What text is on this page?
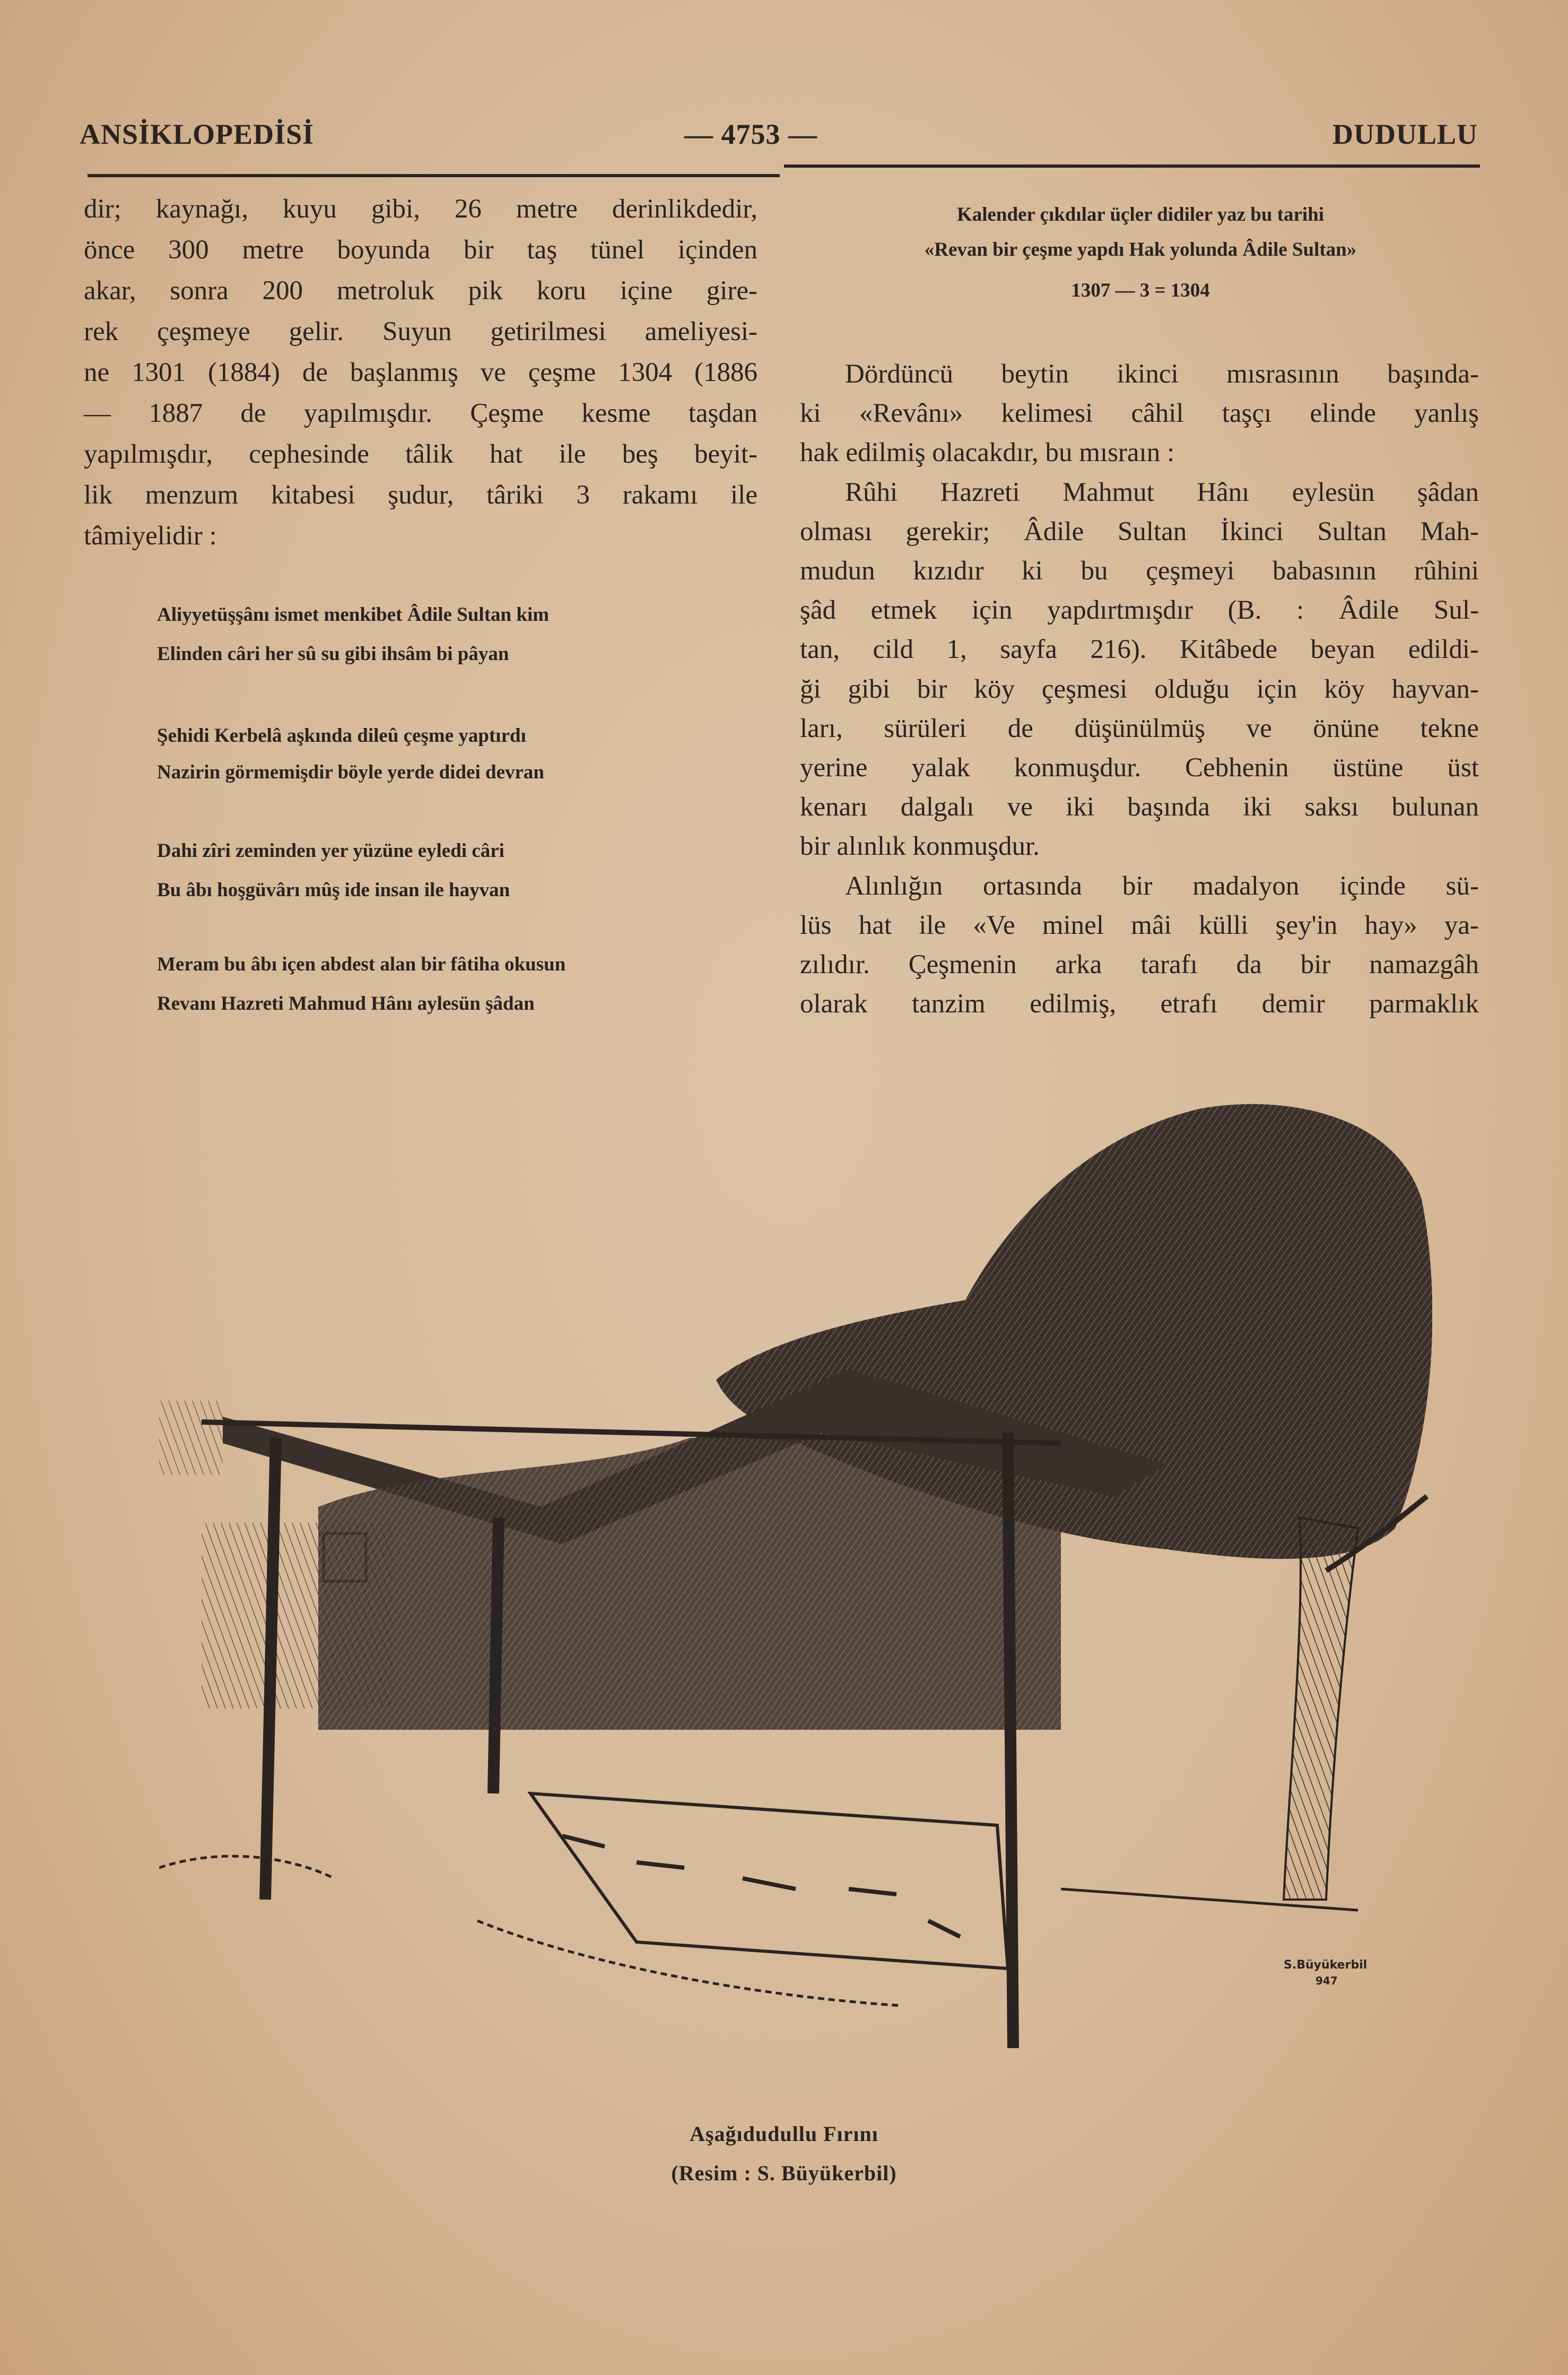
ANSİKLOPEDİSİ	— 4753 —	DUDULLU
dir; kaynağı, kuyu gibi, 26 metre derinlikdedir,
önce 300 metre boyunda bir taş tünel içinden
akar, sonra 200 metroluk pik koru içine gire-
rek çeşmeye gelir. Suyun getirilmesi ameliyesi-
ne 1301 (1884) de başlanmış ve çeşme 1304 (1886
— 1887 de yapılmışdır. Çeşme kesme taşdan
yapılmışdır, cephesinde tâlik hat ile beş beyit-
lik menzum kitabesi şudur, târiki 3 rakamı ile
tâmiyelidir :
Aliyyetüşşânı ismet menkibet Âdile Sultan kim
Elinden câri her sû su gibi ihsâm bi pâyan
Şehidi Kerbelâ aşkında dileû çeşme yaptırdı
Nazirin görmemişdir böyle yerde didei devran
Dahi zîri zeminden yer yüzüne eyledi câri
Bu âbı hoşgüvârı mûş ide insan ile hayvan
Meram bu âbı içen abdest alan bir fâtiha okusun
Revanı Hazreti Mahmud Hânı aylesün şâdan
Kalender çıkdılar üçler didiler yaz bu tarihi
«Revan bir çeşme yapdı Hak yolunda Âdile Sultan»
1307 — 3 = 1304
Dördüncü beytin ikinci mısrasının başında-
ki «Revânı» kelimesi câhil taşçı elinde yanlış
hak edilmiş olacakdır, bu mısraın :
Rûhi Hazreti Mahmut Hânı eylesün şâdan
olması gerekir; Âdile Sultan İkinci Sultan Mah-
mudun kızıdır ki bu çeşmeyi babasının rûhini
şâd etmek için yapdırtmışdır (B. : Âdile Sul-
tan, cild 1, sayfa 216). Kitâbede beyan edildi-
ği gibi bir köy çeşmesi olduğu için köy hayvan-
ları, sürüleri de düşünülmüş ve önüne tekne
yerine yalak konmuşdur. Cebhenin üstüne üst
kenarı dalgalı ve iki başında iki saksı bulunan
bir alınlık konmuşdur.
Alınlığın ortasında bir madalyon içinde sü-
lüs hat ile «Ve minel mâi külli şey'in hay» ya-
zılıdır. Çeşmenin arka tarafı da bir namazgâh
olarak tanzim edilmiş, etrafı demir parmaklık
S.Büyükerbil
947
Aşağıdudullu Fırını
(Resim : S. Büyükerbil)
